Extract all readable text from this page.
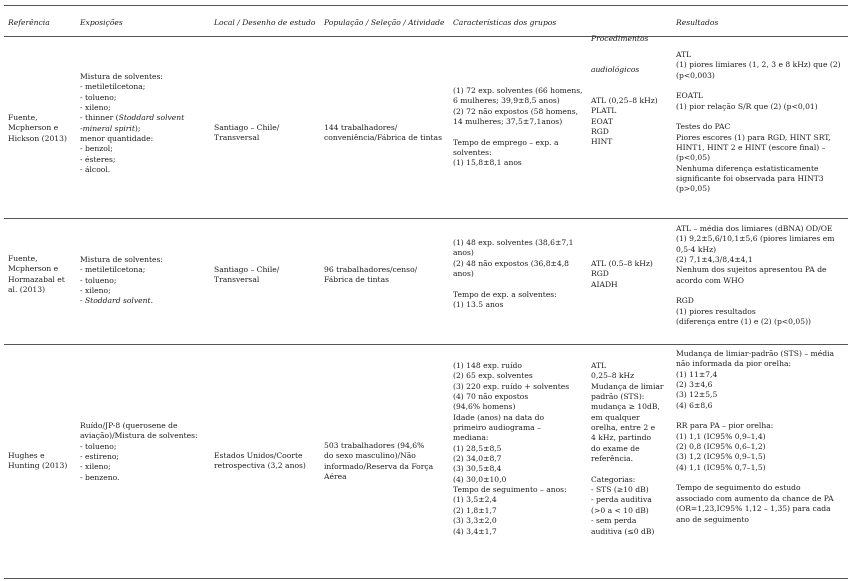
Referência	Exposições	Local / Desenho de estudo População / Seleção / Atividade Características dos grupos

Procedimentos

audiológicos

Resultados
Fuente,
Mcpherson e
Hickson (2013)
Mistura de solventes:
- metiletilcetona;
- tolueno;
- xileno;
- thinner (Stoddard solvent
-mineral spirit);
menor quantidade:
- benzol;
- ésteres;
- álcool.
Santiago – Chile/
Transversal
144 trabalhadores/
conveniência/Fábrica de tintas
(1) 72 exp. solventes (66 homens,
6 mulheres; 39,9±8,5 anos)
(2) 72 não expostos (58 homens,
14 mulheres; 37,5±7,1anos)

Tempo de emprego – exp. a
solventes:
(1) 15,8±8,1 anos
ATL (0,25–8 kHz)
PLATL
EOAT
RGD
HINT
ATL
(1) piores limiares (1, 2, 3 e 8 kHz) que (2)
(p<0,003)

EOATL
(1) pior relação S/R que (2) (p<0,01)

Testes do PAC
Piores escores (1) para RGD, HINT SRT,
HINT1, HINT 2 e HINT (escore final) –
(p<0,05)
Nenhuma diferença estatisticamente
significante foi observada para HINT3
(p>0,05)
Fuente,
Mcpherson e
Hormazabal et
al. (2013)
Mistura de solventes:
- metiletilcetona;
- tolueno;
- xileno;
- Stoddard solvent.
Santiago – Chile/
Transversal
96 trabalhadores/censo/
Fábrica de tintas
(1) 48 exp. solventes (38,6±7,1
anos)
(2) 48 não expostos (36,8±4,8
anos)

Tempo de exp. a solventes:
(1) 13.5 anos
ATL (0.5–8 kHz)
RGD
AIADH
ATL – média dos limiares (dBNA) OD/OE
(1) 9,2±5,6/10,1±5,6 (piores limiares em
0,5-4 kHz)
(2) 7,1±4,3/8,4±4,1
Nenhum dos sujeitos apresentou PA de
acordo com WHO

RGD
(1) piores resultados
(diferença entre (1) e (2) (p<0,05))
Hughes e
Hunting (2013)
Ruído/JP-8 (querosene de
aviação)/Mistura de solventes:
- tolueno;
- estireno;
- xileno;
- benzeno.
Estados Unidos/Coorte
retrospectiva (3,2 anos)
503 trabalhadores (94,6%
do sexo masculino)/Não
informado/Reserva da Força
Aérea
(1) 148 exp. ruído
(2) 65 exp. solventes
(3) 220 exp. ruído + solventes
(4) 70 não expostos
(94,6% homens)
Idade (anos) na data do
primeiro audiograma –
mediana:
(1) 28,5±8,5
(2) 34,0±8,7
(3) 30,5±8,4
(4) 30,0±10,0
Tempo de seguimento – anos:
(1) 3,5±2,4
(2) 1,8±1,7
(3) 3,3±2,0
(4) 3,4±1,7
ATL
0,25–8 kHz
Mudança de limiar
padrão (STS):
mudança ≥ 10dB,
em qualquer
orelha, entre 2 e
4 kHz, partindo
do exame de
referência.

Categorias:
- STS (≥10 dB)
- perda auditiva
(>0 a < 10 dB)
- sem perda
auditiva (≤0 dB)
Mudança de limiar-padrão (STS) – média
não informada da pior orelha:
(1) 11±7,4
(2) 3±4,6
(3) 12±5,5
(4) 6±8,6

RR para PA – pior orelha:
(1) 1,1 (IC95% 0,9–1,4)
(2) 0,8 (IC95% 0,6–1,2)
(3) 1,2 (IC95% 0,9–1,5)
(4) 1,1 (IC95% 0,7–1,5)

Tempo de seguimento do estudo
associado com aumento da chance de PA
(OR=1,23,IC95% 1,12 – 1,35) para cada
ano de seguimento
